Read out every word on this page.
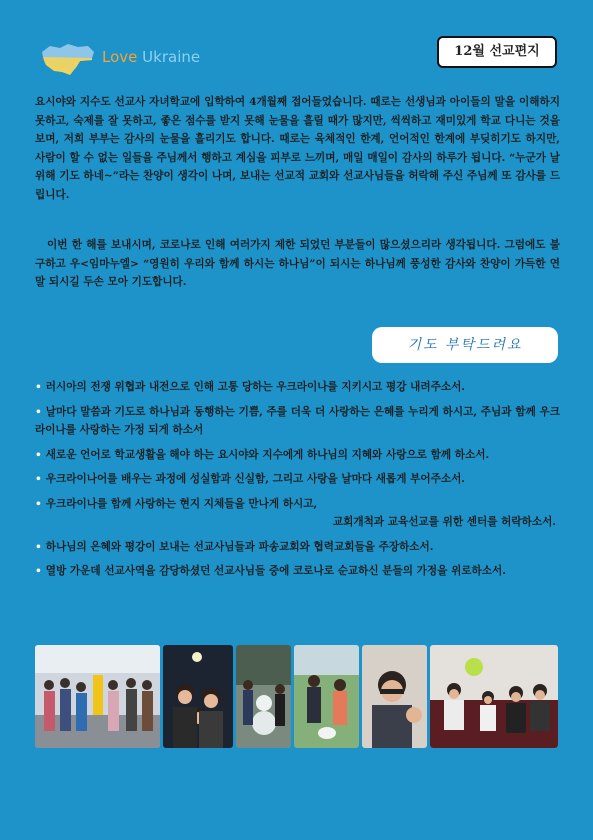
Love Ukraine	12월 선교편지

요시야와 지수도 선교사 자녀학교에 입학하여 4개월째 접어들었습니다. 때로는 선생님과 아이들의 말을 이해하지 못하고, 숙제를 잘 못하고, 좋은 점수를 받지 못해 눈물을 흘릴 때가 많지만, 씩씩하고 재미있게 학교 다니는 것을 보며, 저희 부부는 감사의 눈물을 흘리기도 합니다. 때로는 육체적인 한계, 언어적인 한계에 부딪히기도 하지만, 사람이 할 수 없는 일들을 주님께서 행하고 계심을 피부로 느끼며, 매일 매일이 감사의 하루가 됩니다. “누군가 날 위해 기도 하네~”라는 찬양이 생각이 나며, 보내는 선교적 교회와 선교사님들을 허락해 주신 주님께 또 감사를 드립니다.

이번 한 해를 보내시며, 코로나로 인해 여러가지 제한 되었던 부분들이 많으셨으리라 생각됩니다. 그럼에도 불구하고 우<임마누엘> “영원히 우리와 함께 하시는 하나님”이 되시는 하나님께 풍성한 감사와 찬양이 가득한 연말 되시길 두손 모아 기도합니다.

기도 부탁드려요
• 러시아의 전쟁 위협과 내전으로 인해 고통 당하는 우크라이나를 지키시고 평강 내려주소서.
• 날마다 말씀과 기도로 하나님과 동행하는 기쁨, 주를 더욱 더 사랑하는 은혜를 누리게 하시고, 주님과 함께 우크라이나를 사랑하는 가정 되게 하소서
• 새로운 언어로 학교생활을 해야 하는 요시야와 지수에게 하나님의 지혜와 사랑으로 함께 하소서.
• 우크라이나어를 배우는 과정에 성실함과 신실함, 그리고 사랑을 날마다 새롭게 부어주소서.
• 우크라이나를 함께 사랑하는 현지 지체들을 만나게 하시고,
교회개척과 교육선교를 위한 센터를 허락하소서.
• 하나님의 은혜와 평강이 보내는 선교사님들과 파송교회와 협력교회들을 주장하소서.
• 열방 가운데 선교사역을 감당하셨던 선교사님들 중에 코로나로 순교하신 분들의 가정을 위로하소서.
